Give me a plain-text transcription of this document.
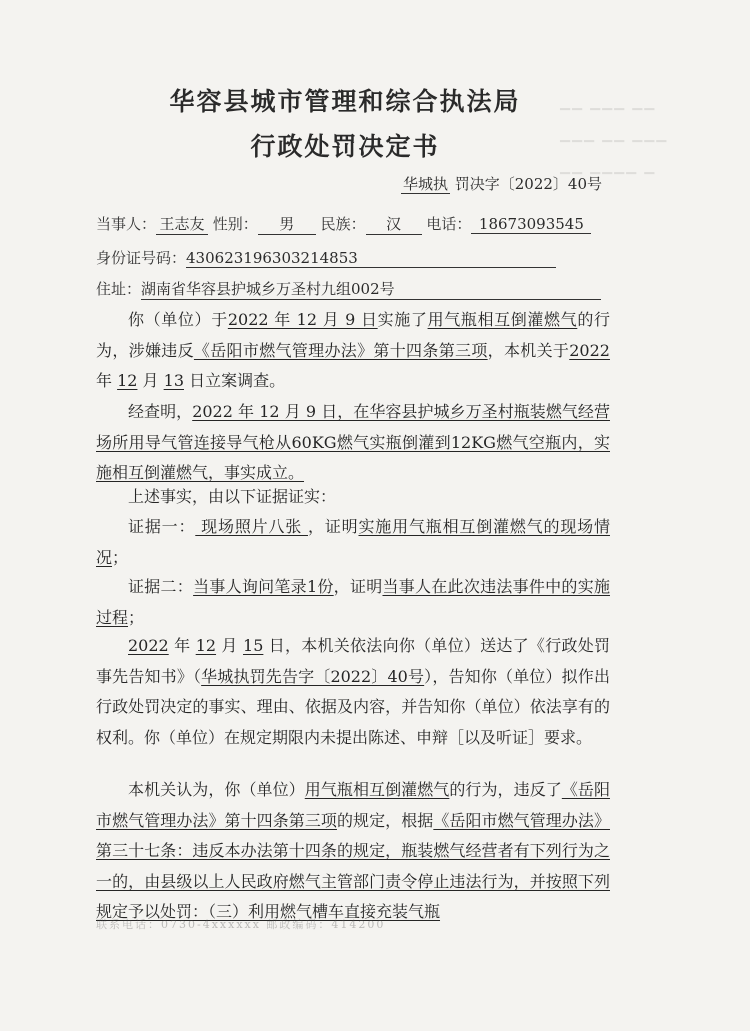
▁▁ ▁▁▁ ▁▁
▁▁▁ ▁▁ ▁▁▁
▁▁ ▁▁▁▁ ▁
华容县城市管理和综合执法局
行政处罚决定书
华城执 罚决字〔2022〕40号
当事人： 王志友 性别： 男 民族： 汉 电话： 18673093545
身份证号码：430623196303214853
住址：湖南省华容县护城乡万圣村九组002号
你（单位）于2022 年 12 月 9 日实施了用气瓶相互倒灌燃气的行为，涉嫌违反《岳阳市燃气管理办法》第十四条第三项，本机关于2022 年 12 月 13 日立案调查。
经查明，2022 年 12 月 9 日，在华容县护城乡万圣村瓶装燃气经营场所用导气管连接导气枪从60KG燃气实瓶倒灌到12KG燃气空瓶内，实施相互倒灌燃气，事实成立。
上述事实，由以下证据证实：
证据一： 现场照片八张 ，证明实施用气瓶相互倒灌燃气的现场情况；
证据二：当事人询问笔录1份，证明当事人在此次违法事件中的实施过程；
2022 年 12 月 15 日，本机关依法向你（单位）送达了《行政处罚事先告知书》（华城执罚先告字〔2022〕40号），告知你（单位）拟作出行政处罚决定的事实、理由、依据及内容，并告知你（单位）依法享有的权利。你（单位）在规定期限内未提出陈述、申辩［以及听证］要求。
本机关认为，你（单位）用气瓶相互倒灌燃气的行为，违反了《岳阳市燃气管理办法》第十四条第三项的规定，根据《岳阳市燃气管理办法》第三十七条：违反本办法第十四条的规定，瓶装燃气经营者有下列行为之一的，由县级以上人民政府燃气主管部门责令停止违法行为，并按照下列规定予以处罚：（三）利用燃气槽车直接充装气瓶
联系电话：0730-4xxxxxx 邮政编码：414200
